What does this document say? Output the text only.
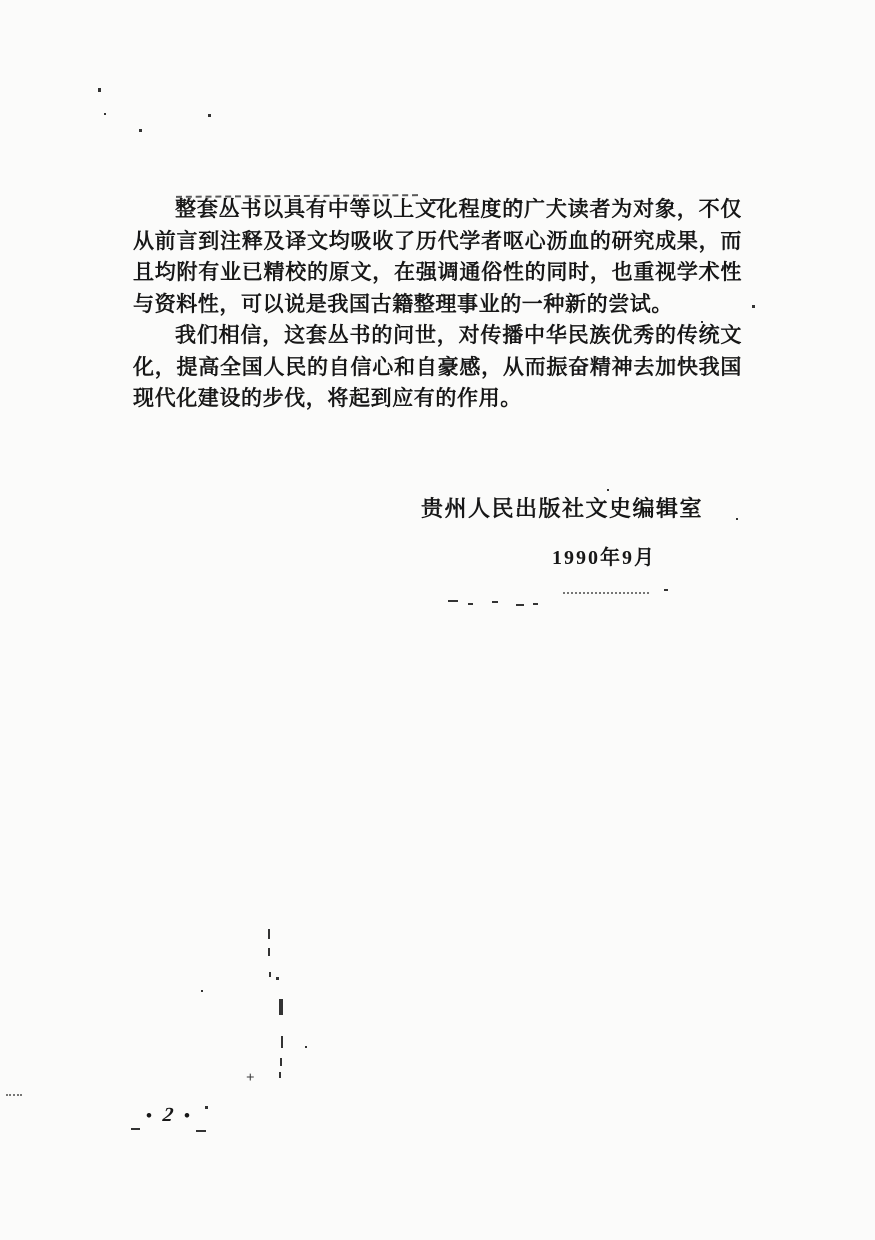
整套丛书以具有中等以上文化程度的广大读者为对象，不仅从前言到注释及译文均吸收了历代学者呕心沥血的研究成果，而且均附有业已精校的原文，在强调通俗性的同时，也重视学术性与资料性，可以说是我国古籍整理事业的一种新的尝试。

我们相信，这套丛书的问世，对传播中华民族优秀的传统文化，提高全国人民的自信心和自豪感，从而振奋精神去加快我国现代化建设的步伐，将起到应有的作用。

贵州人民出版社文史编辑室
1990年9月
+
• 2 •
